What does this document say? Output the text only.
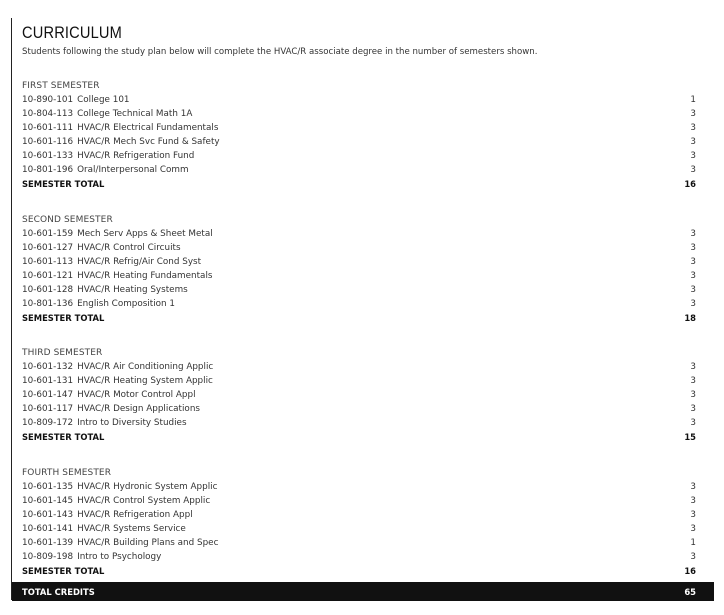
CURRICULUM

Students following the study plan below will complete the HVAC/R associate degree in the number of semesters shown.

FIRST SEMESTER
10-890-101 College 101	1
10-804-113 College Technical Math 1A	3
10-601-111 HVAC/R Electrical Fundamentals	3
10-601-116 HVAC/R Mech Svc Fund & Safety	3
10-601-133 HVAC/R Refrigeration Fund	3
10-801-196 Oral/Interpersonal Comm	3
SEMESTER TOTAL	16
SECOND SEMESTER
10-601-159 Mech Serv Apps & Sheet Metal	3
10-601-127 HVAC/R Control Circuits	3
10-601-113 HVAC/R Refrig/Air Cond Syst	3
10-601-121 HVAC/R Heating Fundamentals	3
10-601-128 HVAC/R Heating Systems	3
10-801-136 English Composition 1	3
SEMESTER TOTAL	18
THIRD SEMESTER
10-601-132 HVAC/R Air Conditioning Applic	3
10-601-131 HVAC/R Heating System Applic	3
10-601-147 HVAC/R Motor Control Appl	3
10-601-117 HVAC/R Design Applications	3
10-809-172 Intro to Diversity Studies	3
SEMESTER TOTAL	15
FOURTH SEMESTER
10-601-135 HVAC/R Hydronic System Applic	3
10-601-145 HVAC/R Control System Applic	3
10-601-143 HVAC/R Refrigeration Appl	3
10-601-141 HVAC/R Systems Service	3
10-601-139 HVAC/R Building Plans and Spec	1
10-809-198 Intro to Psychology	3
SEMESTER TOTAL	16
TOTAL CREDITS	65
